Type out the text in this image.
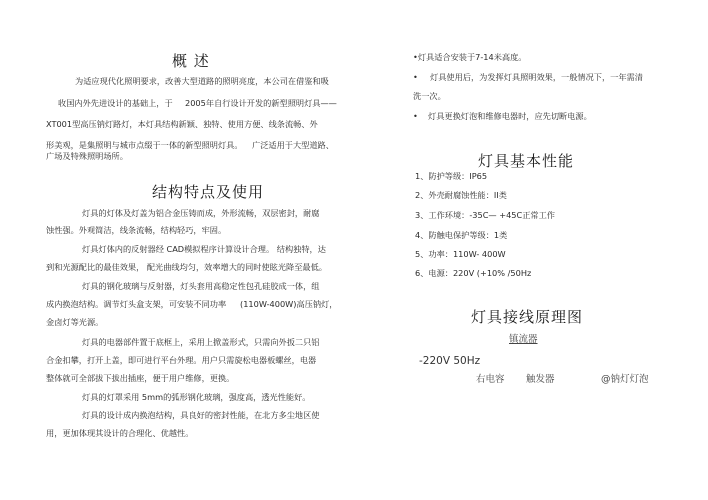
概 述
为适应现代化照明要求，改善大型道路的照明亮度，本公司在借鉴和吸
收国内外先进设计的基础上，于 2005年自行设计开发的新型照明灯具——
XT001型高压钠灯路灯，本灯具结构新颖、独特、使用方便、线条流畅、外
形美观，是集照明与城市点缀于一体的新型照明灯具。 广泛适用于大型道路、
广场及特殊照明场所。
结构特点及使用
灯具的灯体及灯盖为铝合金压铸而成，外形流畅，双层密封，耐腐
蚀性强。外观简洁，线条流畅，结构轻巧，牢固。
灯具灯体内的反射器经 CAD模拟程序计算设计合理。 结构独特，达
到和光源配比的最佳效果， 配光曲线均匀，效率增大的同时使眩光降至最低。
灯具的钢化玻璃与反射器，灯头套用高稳定性包孔硅胶成一体，组
成内换泡结构。调节灯头盒支架，可安装不同功率 (110W-400W)高压钠灯，
金卤灯等光源。
灯具的电器部件置于底框上，采用上掀盖形式，只需向外扳二只铝
合金扣攀，打开上盖，即可进行平台外理。用户只需旋松电器板螺丝，电器
整体就可全部拔下拔出插座，便于用户维修，更换。
灯具的灯罩采用 5mm的弧形钢化玻璃，强度高，透光性能好。
灯具的设计成内换泡结构，具良好的密封性能，在北方多尘地区使
用，更加体现其设计的合理化、优越性。
•灯具适合安装于7-14米高度。
• 灯具使用后，为发挥灯具照明效果，一般情况下，一年需清
洗一次。
• 灯具更换灯泡和维修电器时，应先切断电源。
灯具基本性能
1、防护等级：IP65
2、外壳耐腐蚀性能：II类
3、工作环境：-35C— +45C正常工作
4、防触电保护等级：1类
5、功率：110W- 400W
6、电源：220V (+10% /50Hz
灯具接线原理图
镇流器
-220V 50Hz
右电容 触发器	@钠灯灯泡
